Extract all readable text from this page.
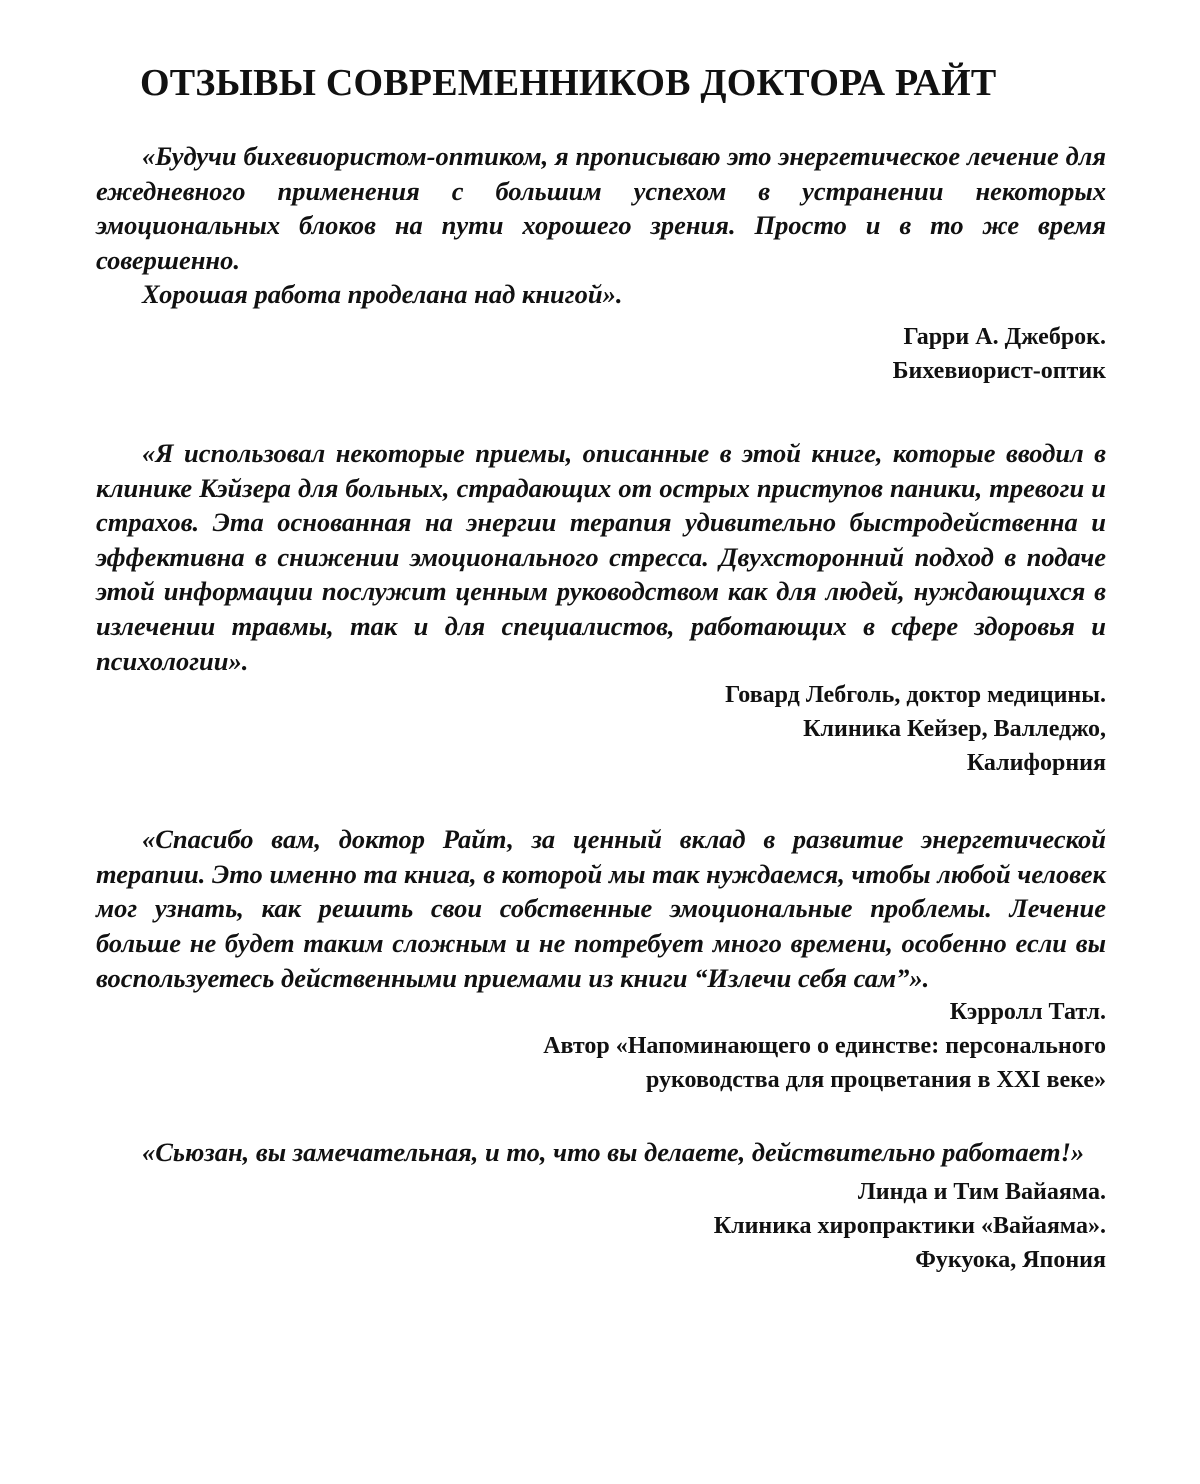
ОТЗЫВЫ СОВРЕМЕННИКОВ ДОКТОРА РАЙТ

«Будучи бихевиористом-оптиком, я прописываю это энергетическое лечение для ежедневного применения с большим успехом в устранении некоторых эмоциональных блоков на пути хорошего зрения. Просто и в то же время совершенно.

Хорошая работа проделана над книгой».

Гарри А. Джеброк.
Бихевиорист-оптик

«Я использовал некоторые приемы, описанные в этой книге, которые вводил в клинике Кэйзера для больных, страдающих от острых приступов паники, тревоги и страхов. Эта основанная на энергии терапия удивительно быстродейственна и эффективна в снижении эмоционального стресса. Двухсторонний подход в подаче этой информации послужит ценным руководством как для людей, нуждающихся в излечении травмы, так и для специалистов, работающих в сфере здоровья и психологии».

Говард Лебголь, доктор медицины.
Клиника Кейзер, Валледжо,
Калифорния

«Спасибо вам, доктор Райт, за ценный вклад в развитие энергетической терапии. Это именно та книга, в которой мы так нуждаемся, чтобы любой человек мог узнать, как решить свои собственные эмоциональные проблемы. Лечение больше не будет таким сложным и не потребует много времени, особенно если вы воспользуетесь действенными приемами из книги “Излечи себя сам”».

Кэрролл Татл.
Автор «Напоминающего о единстве: персонального
руководства для процветания в XXI веке»

«Сьюзан, вы замечательная, и то, что вы делаете, действительно работает!»

Линда и Тим Вайаяма.
Клиника хиропрактики «Вайаяма».
Фукуока, Япония
